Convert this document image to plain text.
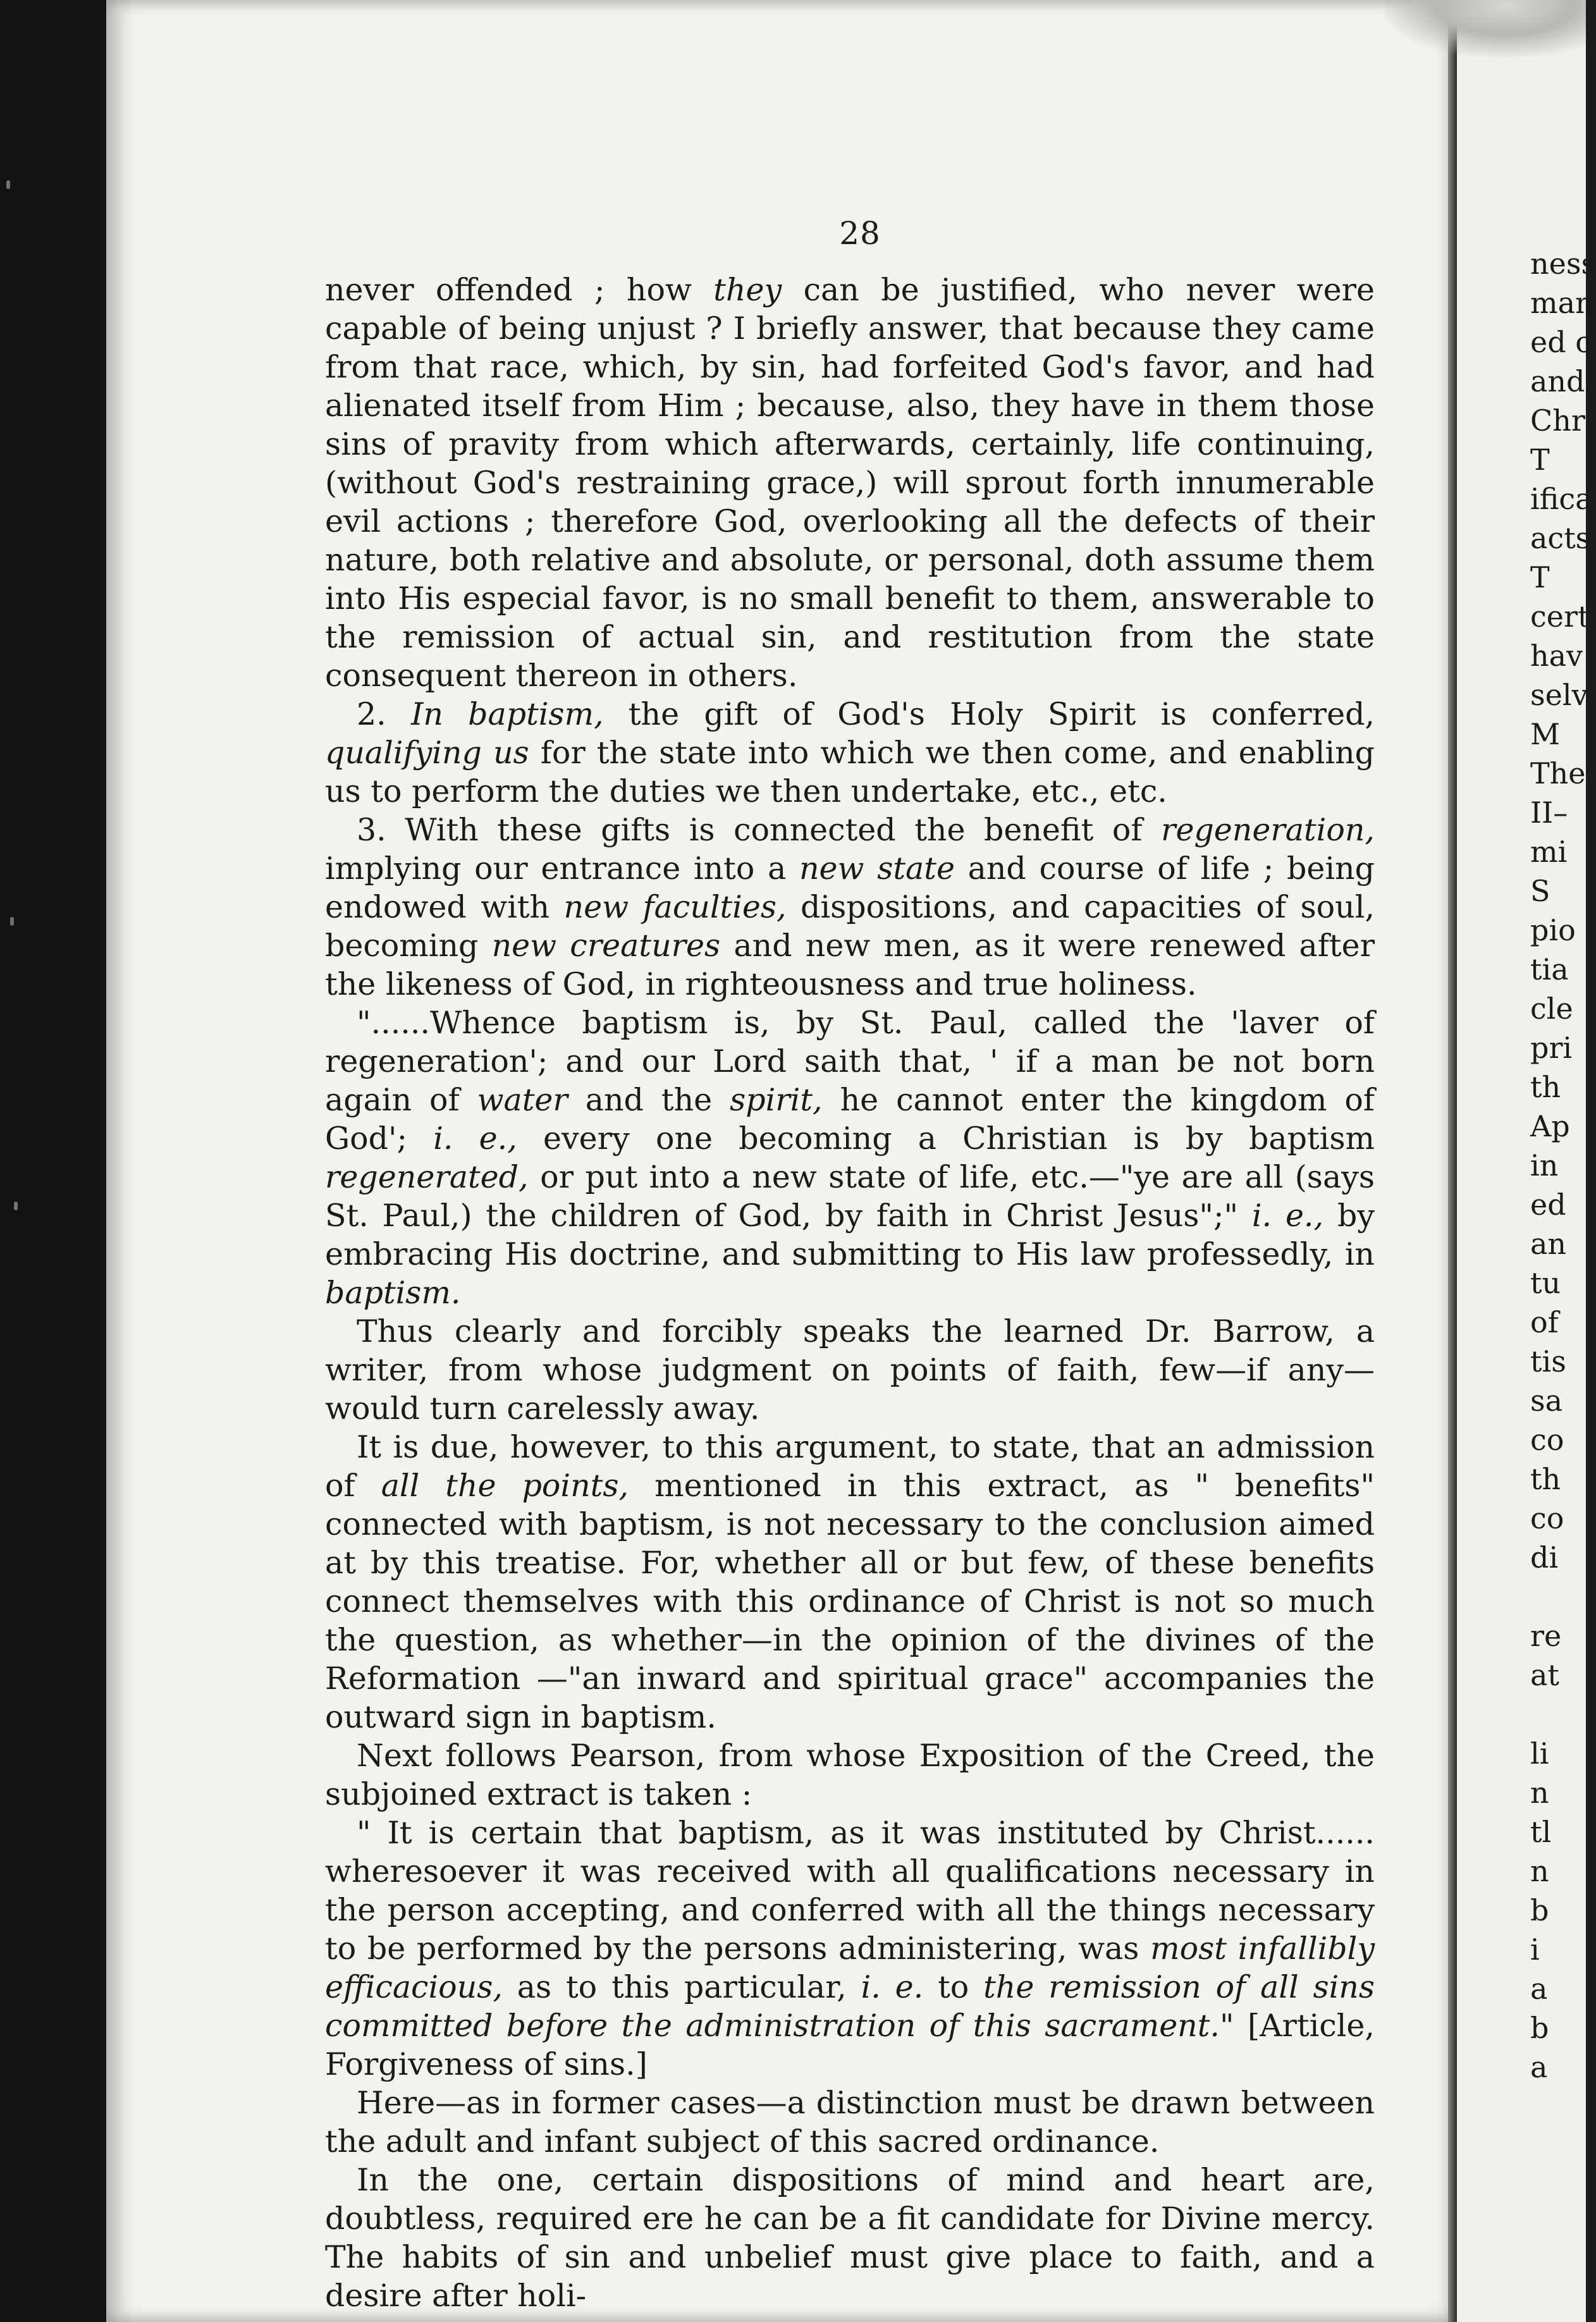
28

never offended ; how they can be justified, who never were capable of being unjust ? I briefly answer, that because they came from that race, which, by sin, had forfeited God's favor, and had alienated itself from Him ; because, also, they have in them those sins of pravity from which afterwards, certainly, life continuing, (without God's restraining grace,) will sprout forth innumerable evil actions ; therefore God, overlooking all the defects of their nature, both relative and absolute, or personal, doth assume them into His especial favor, is no small benefit to them, answerable to the remission of actual sin, and restitution from the state consequent thereon in others.

2. In baptism, the gift of God's Holy Spirit is conferred, qualifying us for the state into which we then come, and enabling us to perform the duties we then undertake, etc., etc.

3. With these gifts is connected the benefit of regeneration, implying our entrance into a new state and course of life ; being endowed with new faculties, dispositions, and capacities of soul, becoming new creatures and new men, as it were renewed after the likeness of God, in righteousness and true holiness.

"......Whence baptism is, by St. Paul, called the 'laver of regeneration'; and our Lord saith that, ' if a man be not born again of water and the spirit, he cannot enter the kingdom of God'; i. e., every one becoming a Christian is by baptism regenerated, or put into a new state of life, etc.—"ye are all (says St. Paul,) the children of God, by faith in Christ Jesus";" i. e., by embracing His doctrine, and submitting to His law professedly, in baptism.

Thus clearly and forcibly speaks the learned Dr. Barrow, a writer, from whose judgment on points of faith, few—if any—would turn carelessly away.

It is due, however, to this argument, to state, that an admission of all the points, mentioned in this extract, as " benefits" connected with baptism, is not necessary to the conclusion aimed at by this treatise. For, whether all or but few, of these benefits connect themselves with this ordinance of Christ is not so much the question, as whether—in the opinion of the divines of the Reformation —"an inward and spiritual grace" accompanies the outward sign in baptism.

Next follows Pearson, from whose Exposition of the Creed, the subjoined extract is taken :

" It is certain that baptism, as it was instituted by Christ...... wheresoever it was received with all qualifications necessary in the person accepting, and conferred with all the things necessary to be performed by the persons administering, was most infallibly efficacious, as to this particular, i. e. to the remission of all sins committed before the administration of this sacrament." [Article, Forgiveness of sins.]

Here—as in former cases—a distinction must be drawn between the adult and infant subject of this sacred ordinance.

In the one, certain dispositions of mind and heart are, doubtless, required ere he can be a fit candidate for Divine mercy. The habits of sin and unbelief must give place to faith, and a desire after holi-

ness
man
ed c
and
Chr
T
ifica
acts
T
cert
hav
selv
M
The
II–
mi
S
pio
tia
cle
pri
th
Ap
in
ed
an
tu
of
tis
sa
co
th
co
di
re
at
li
n
tl
n
b
i
a
b
a
